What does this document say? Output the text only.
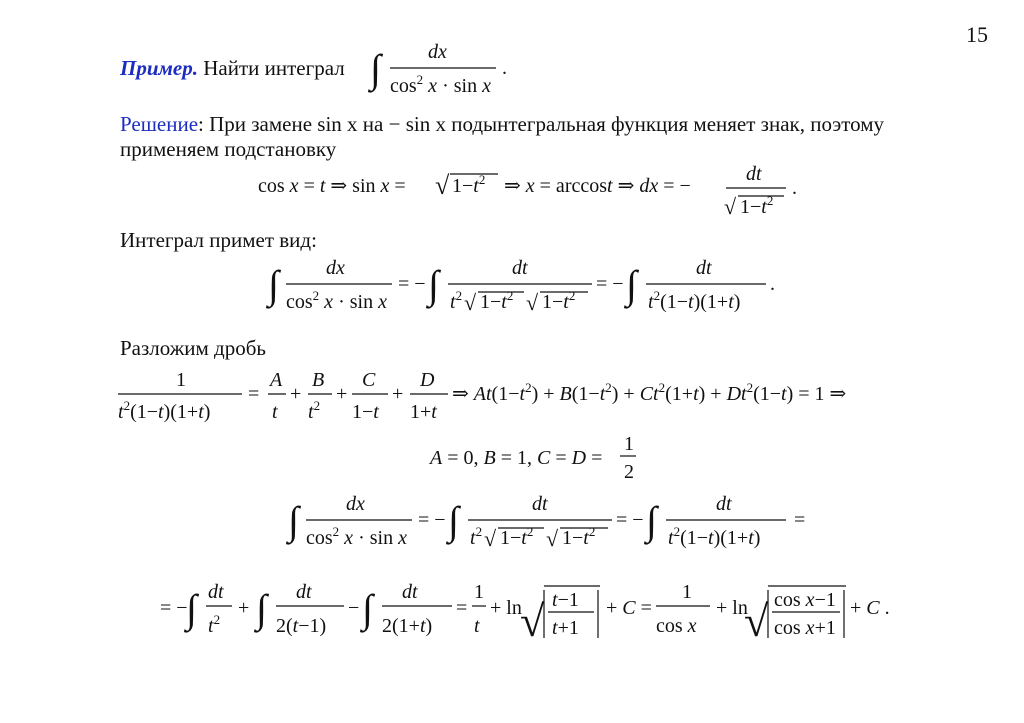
15
Пример. Найти интеграл ∫ dx
$\cos^2 x \cdot \sin x$
.
Решение: При замене sin x на − sin x подынтегральная функция меняет знак, поэтому
применяем подстановку
cos x = t ⇒ sin x = √ $1-t^2$ ⇒ x = arccost ⇒ dx = −
dt
√ $1-t^2$
.
Интеграл примет вид:
∫ dx
$\cos^2 x \cdot \sin x$
= − ∫	dt
$t^2$ √ $1-t^2$ √ $1-t^2$
= − ∫	dt
$t^2(1-t)(1+t)$
.
Разложим дробь
1
$t^2(1-t)(1+t)$
=
A
t
+
B
$t^2$
+
C
1−t
+
D
1+t
⇒ $At(1-t^2) + B(1-t^2) + Ct^2(1+t) + Dt^2(1-t) = 1$ ⇒
A = 0, B = 1, C = D =
1
2
∫ dx
$\cos^2 x \cdot \sin x$
= − ∫	dt
$t^2$ √ $1-t^2$ √ $1-t^2$
= − ∫	dt
$t^2(1-t)(1+t)$
=
= −
∫ dt
$t^2$
+ ∫ dt
2(t−1)
− ∫ dt
2(1+t)
=
1
t
+ ln
√ t−1
t+1
+ C =
1
cos x
+ ln
√ cos x−1
cos x+1
+ C .
